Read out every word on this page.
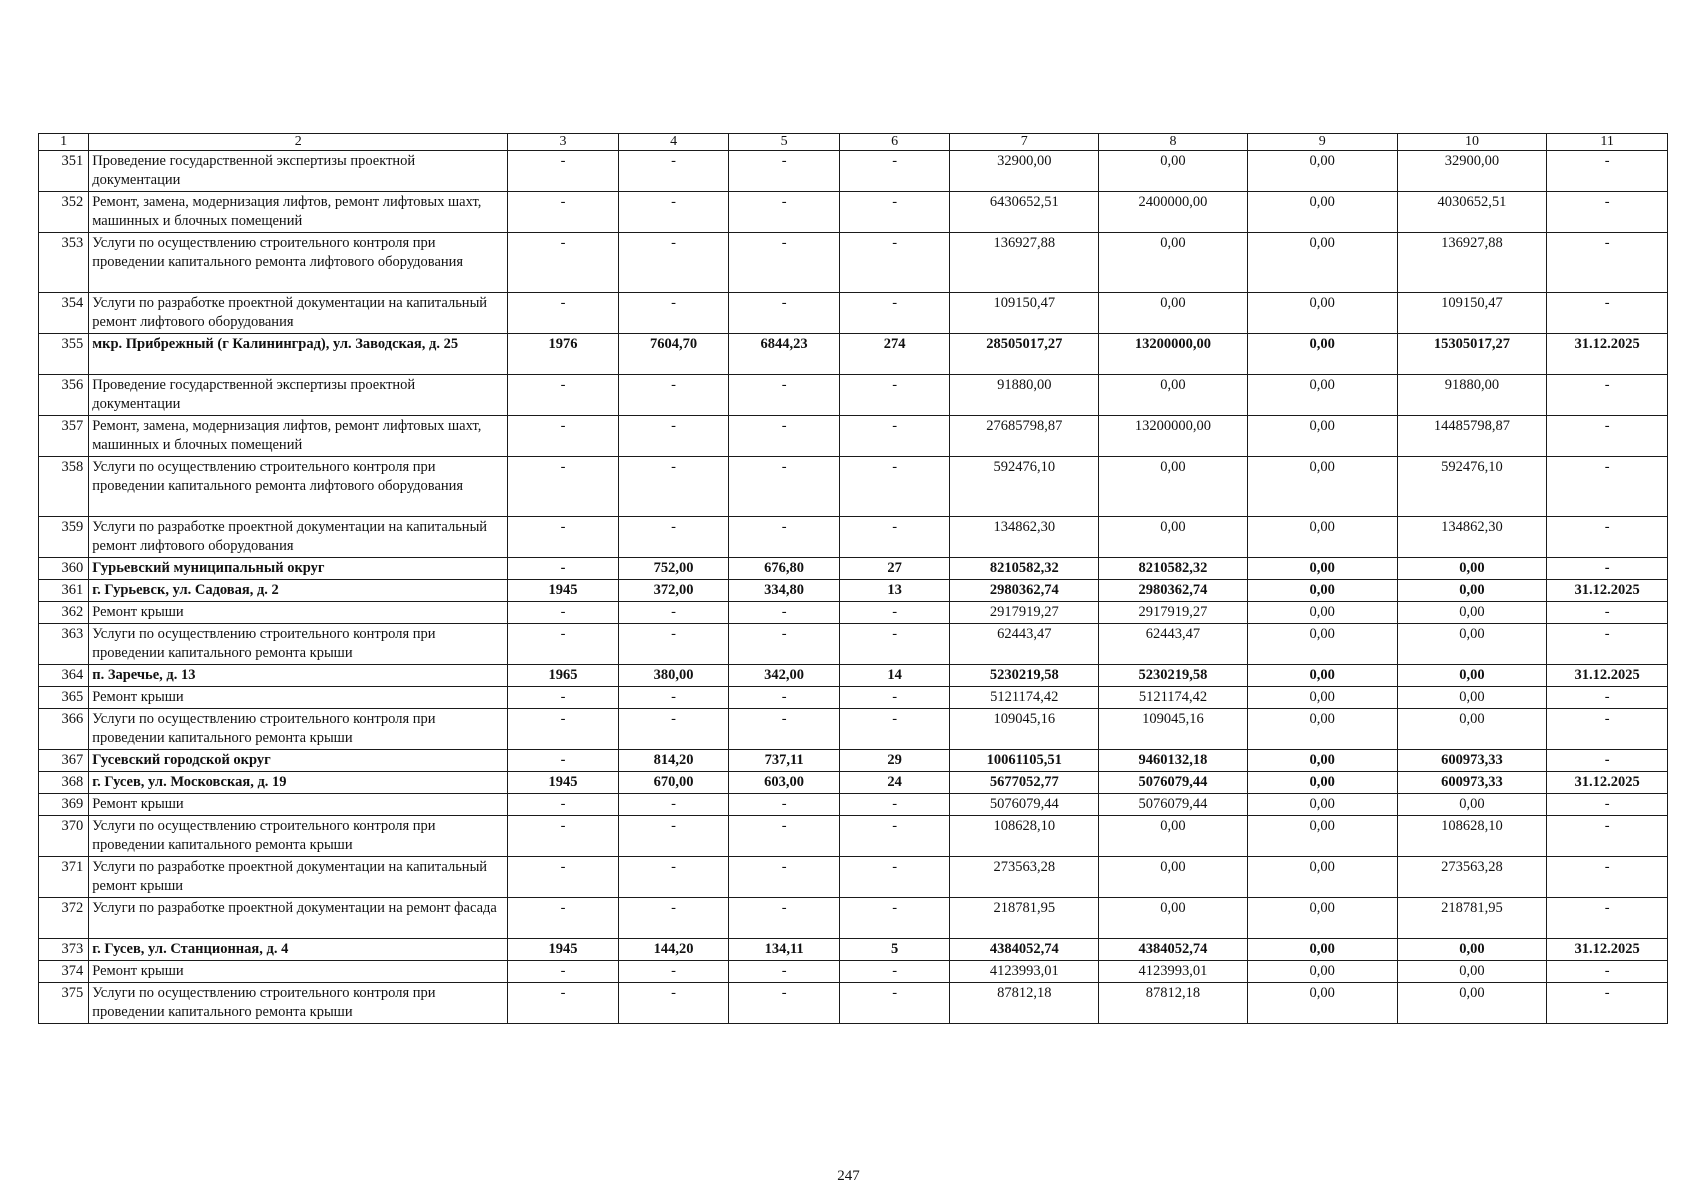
1	2	3	4	5	6	7	8	9	10	11
351	Проведение государственной экспертизы проектной документации	-	-	-	-	32900,00	0,00	0,00	32900,00	-
352	Ремонт, замена, модернизация лифтов, ремонт лифтовых шахт, машинных и блочных помещений	-	-	-	-	6430652,51	2400000,00	0,00	4030652,51	-
353	Услуги по осуществлению строительного контроля при проведении капитального ремонта лифтового оборудования	-	-	-	-	136927,88	0,00	0,00	136927,88	-
354	Услуги по разработке проектной документации на капитальный ремонт лифтового оборудования	-	-	-	-	109150,47	0,00	0,00	109150,47	-
355	мкр. Прибрежный (г Калининград), ул. Заводская, д. 25	1976	7604,70	6844,23	274	28505017,27	13200000,00	0,00	15305017,27	31.12.2025
356	Проведение государственной экспертизы проектной документации	-	-	-	-	91880,00	0,00	0,00	91880,00	-
357	Ремонт, замена, модернизация лифтов, ремонт лифтовых шахт, машинных и блочных помещений	-	-	-	-	27685798,87	13200000,00	0,00	14485798,87	-
358	Услуги по осуществлению строительного контроля при проведении капитального ремонта лифтового оборудования	-	-	-	-	592476,10	0,00	0,00	592476,10	-
359	Услуги по разработке проектной документации на капитальный ремонт лифтового оборудования	-	-	-	-	134862,30	0,00	0,00	134862,30	-
360	Гурьевский муниципальный округ	-	752,00	676,80	27	8210582,32	8210582,32	0,00	0,00	-
361	г. Гурьевск, ул. Садовая, д. 2	1945	372,00	334,80	13	2980362,74	2980362,74	0,00	0,00	31.12.2025
362	Ремонт крыши	-	-	-	-	2917919,27	2917919,27	0,00	0,00	-
363	Услуги по осуществлению строительного контроля при проведении капитального ремонта крыши	-	-	-	-	62443,47	62443,47	0,00	0,00	-
364	п. Заречье, д. 13	1965	380,00	342,00	14	5230219,58	5230219,58	0,00	0,00	31.12.2025
365	Ремонт крыши	-	-	-	-	5121174,42	5121174,42	0,00	0,00	-
366	Услуги по осуществлению строительного контроля при проведении капитального ремонта крыши	-	-	-	-	109045,16	109045,16	0,00	0,00	-
367	Гусевский городской округ	-	814,20	737,11	29	10061105,51	9460132,18	0,00	600973,33	-
368	г. Гусев, ул. Московская, д. 19	1945	670,00	603,00	24	5677052,77	5076079,44	0,00	600973,33	31.12.2025
369	Ремонт крыши	-	-	-	-	5076079,44	5076079,44	0,00	0,00	-
370	Услуги по осуществлению строительного контроля при проведении капитального ремонта крыши	-	-	-	-	108628,10	0,00	0,00	108628,10	-
371	Услуги по разработке проектной документации на капитальный ремонт крыши	-	-	-	-	273563,28	0,00	0,00	273563,28	-
372	Услуги по разработке проектной документации на ремонт фасада	-	-	-	-	218781,95	0,00	0,00	218781,95	-
373	г. Гусев, ул. Станционная, д. 4	1945	144,20	134,11	5	4384052,74	4384052,74	0,00	0,00	31.12.2025
374	Ремонт крыши	-	-	-	-	4123993,01	4123993,01	0,00	0,00	-
375	Услуги по осуществлению строительного контроля при проведении капитального ремонта крыши	-	-	-	-	87812,18	87812,18	0,00	0,00	-
247
